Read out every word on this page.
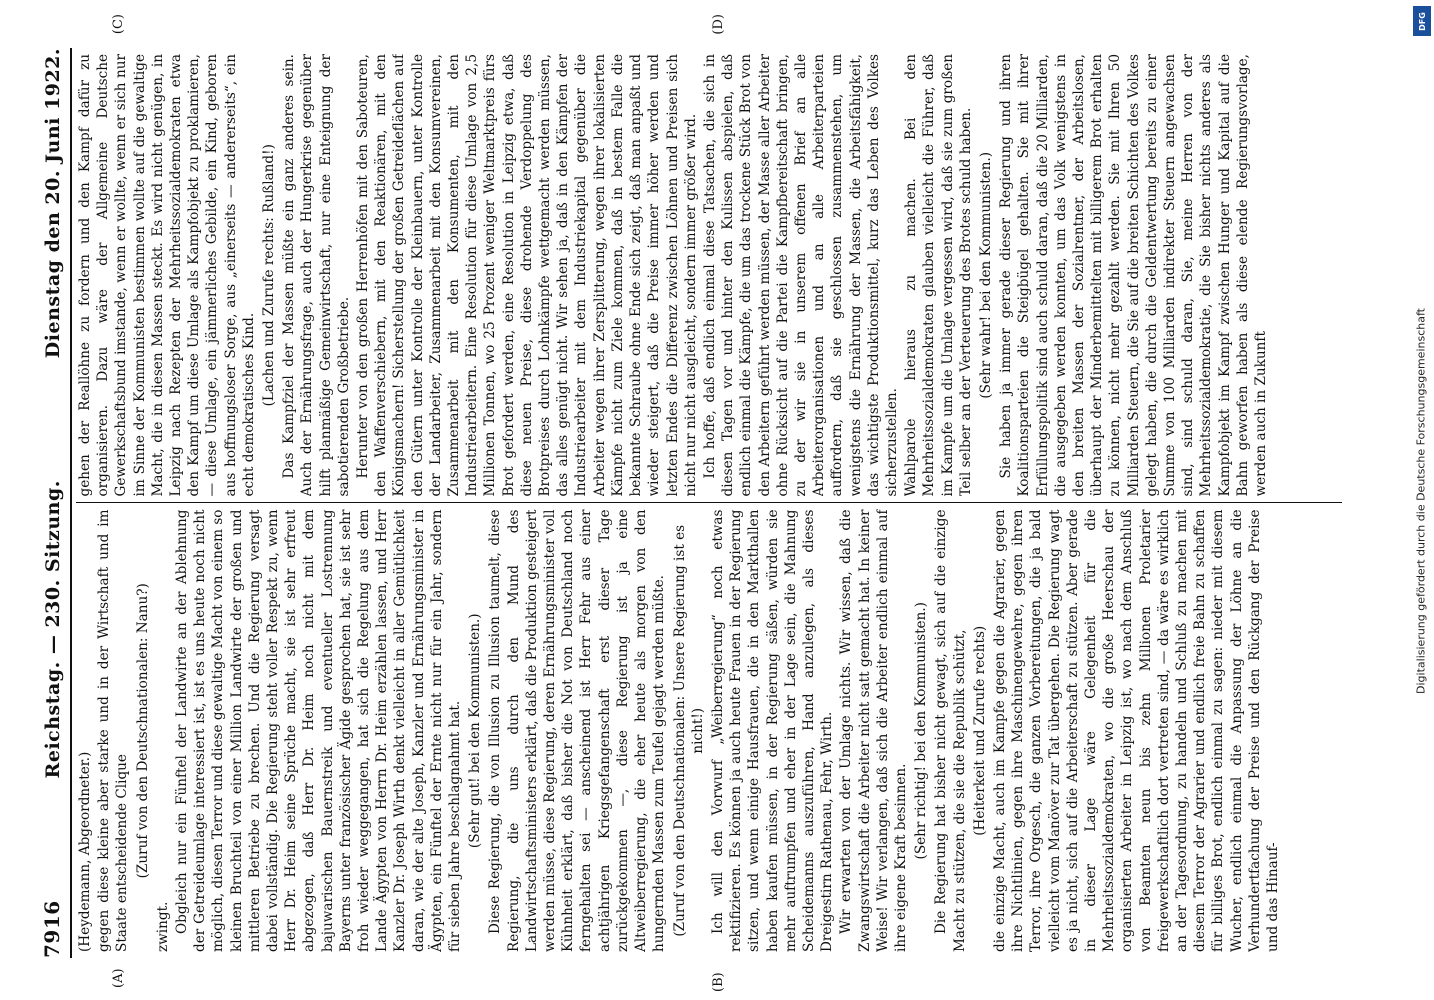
7916
Reichstag. — 230. Sitzung.
Dienstag den 20. Juni 1922.
(A)	(B)

(Heydemann, Abgeordneter.) gegen diese kleine aber starke und in der Wirtschaft und im Staate entscheidende Clique (Zuruf von den Deutschnationalen: Nanu?)

zwingt. Obgleich nur ein Fünftel der Landwirte an der Ablehnung der Getreideumlage interessiert ist, ist es uns heute noch nicht möglich, diesen Terror und diese gewaltige Macht von einem so kleinen Bruchteil von einer Million Landwirte der großen und mittleren Betriebe zu brechen. Und die Regierung versagt dabei vollständig. Die Regierung steht voller Respekt zu, wenn Herr Dr. Heim seine Sprüche macht, sie ist sehr erfreut abgezogen, daß Herr Dr. Heim noch nicht mit dem bajuwarischen Bauernstreik und eventueller Lostrennung Bayerns unter französischer Ägide gesprochen hat, sie ist sehr froh wieder weggegangen, hat sich die Regelung aus dem Lande Ägypten von Herrn Dr. Heim erzählen lassen, und Herr Kanzler Dr. Joseph Wirth denkt vielleicht in aller Gemütlichkeit daran, wie der alte Joseph, Kanzler und Ernährungsminister in Ägypten, ein Fünftel der Ernte nicht nur für ein Jahr, sondern für sieben Jahre beschlagnahmt hat. (Sehr gut! bei den Kommunisten.) Diese Regierung, die von Illusion zu Illusion taumelt, diese Regierung, die uns durch den Mund des Landwirtschaftsministers erklärt, daß die Produktion gesteigert werden müsse, diese Regierung, deren Ernährungsminister voll Kühnheit erklärt, daß bisher die Not von Deutschland noch ferngehalten sei — anscheinend ist Herr Fehr aus einer achtjährigen Kriegsgefangenschaft erst dieser Tage zurückgekommen —, diese Regierung ist ja eine Altweiberregierung, die eher heute als morgen von den hungernden Massen zum Teufel gejagt werden müßte. (Zuruf von den Deutschnationalen: Unsere Regierung ist es nicht!) Ich will den Vorwurf „Weiberregierung“ noch etwas rektifizieren. Es können ja auch heute Frauen in der Regierung sitzen, und wenn einige Hausfrauen, die in den Markthallen haben kaufen müssen, in der Regierung säßen, würden sie mehr auftrumpfen und eher in der Lage sein, die Mahnung Scheidemanns auszuführen, Hand anzulegen, als dieses Dreigestirn Rathenau, Fehr, Wirth. Wir erwarten von der Umlage nichts. Wir wissen, daß die Zwangswirtschaft die Arbeiter nicht satt gemacht hat. In keiner Weise! Wir verlangen, daß sich die Arbeiter endlich einmal auf ihre eigene Kraft besinnen. (Sehr richtig! bei den Kommunisten.) Die Regierung hat bisher nicht gewagt, sich auf die einzige Macht zu stützen, die sie die Republik schützt, (Heiterkeit und Zurufe rechts) die einzige Macht, auch im Kampfe gegen die Agrarier, gegen ihre Nichtlinien, gegen ihre Maschinengewehre, gegen ihren Terror, ihre Orgesch, die ganzen Vorbereitungen, die ja bald vielleicht vom Manöver zur Tat übergehen. Die Regierung wagt es ja nicht, sich auf die Arbeiterschaft zu stützen. Aber gerade in dieser Lage wäre Gelegenheit für die Mehrheitssozialdemokraten, wo die große Heerschau der organisierten Arbeiter in Leipzig ist, wo nach dem Anschluß von Beamten neun bis zehn Millionen Proletarier freigewerkschaftlich dort vertreten sind, — da wäre es wirklich an der Tagesordnung, zu handeln und Schluß zu machen mit diesem Terror der Agrarier und endlich freie Bahn zu schaffen für billiges Brot, endlich einmal zu sagen: nieder mit diesem Wucher, endlich einmal die Anpassung der Löhne an die Verhundertfachung der Preise und den Rückgang der Preise und das Hinauf-

(C)	(D)

gehen der Reallöhne zu fordern und den Kampf dafür zu organisieren. Dazu wäre der Allgemeine Deutsche Gewerkschaftsbund imstande, wenn er wollte, wenn er sich nur im Sinne der Kommunisten bestimmen wollte auf die gewaltige Macht, die in diesen Massen steckt. Es wird nicht genügen, in Leipzig nach Rezepten der Mehrheitssozialdemokraten etwa den Kampf um diese Umlage als Kampfobjekt zu proklamieren, — diese Umlage, ein jämmerliches Gebilde, ein Kind, geboren aus hoffnungsloser Sorge, aus „einerseits — andererseits“, ein echt demokratisches Kind. (Lachen und Zurufe rechts: Rußland!) Das Kampfziel der Massen müßte ein ganz anderes sein. Auch der Ernährungsfrage, auch der Hungerkrise gegenüber hilft planmäßige Gemeinwirtschaft, nur eine Enteignung der sabotierenden Großbetriebe. Herunter von den großen Herrenhöfen mit den Saboteuren, den Waffenverschiebern, mit den Reaktionären, mit den Königsmachern! Sicherstellung der großen Getreideflächen auf den Gütern unter Kontrolle der Kleinbauern, unter Kontrolle der Landarbeiter, Zusammenarbeit mit den Konsumvereinen, Zusammenarbeit mit den Konsumenten, mit den Industriearbeitern. Eine Resolution für diese Umlage von 2,5 Millionen Tonnen, wo 25 Prozent weniger Weltmarktpreis fürs Brot gefordert werden, eine Resolution in Leipzig etwa, daß diese neuen Preise, diese drohende Verdoppelung des Brotpreises durch Lohnkämpfe wettgemacht werden müssen, das alles genügt nicht. Wir sehen ja, daß in den Kämpfen der Industriearbeiter mit dem Industriekapital gegenüber die Arbeiter wegen ihrer Zersplitterung, wegen ihrer lokalisierten Kämpfe nicht zum Ziele kommen, daß in bestem Falle die bekannte Schraube ohne Ende sich zeigt, daß man anpaßt und wieder steigert, daß die Preise immer höher werden und letzten Endes die Differenz zwischen Löhnen und Preisen sich nicht nur nicht ausgleicht, sondern immer größer wird. Ich hoffe, daß endlich einmal diese Tatsachen, die sich in diesen Tagen vor und hinter den Kulissen abspielen, daß endlich einmal die Kämpfe, die um das trockene Stück Brot von den Arbeitern geführt werden müssen, der Masse aller Arbeiter ohne Rücksicht auf die Partei die Kampfbereitschaft bringen, zu der wir sie in unserem offenen Brief an alle Arbeiterorganisationen und an alle Arbeiterparteien auffordern, daß sie geschlossen zusammenstehen, um wenigstens die Ernährung der Massen, die Arbeitsfähigkeit, das wichtigste Produktionsmittel, kurz das Leben des Volkes sicherzustellen. Wahlparole hieraus zu machen. Bei den Mehrheitssozialdemokraten glauben vielleicht die Führer, daß im Kampfe um die Umlage vergessen wird, daß sie zum großen Teil selber an der Verteuerung des Brotes schuld haben. (Sehr wahr! bei den Kommunisten.) Sie haben ja immer gerade dieser Regierung und ihren Koalitionsparteien die Steigbügel gehalten. Sie mit ihrer Erfüllungspolitik sind auch schuld daran, daß die 20 Milliarden, die ausgegeben werden konnten, um das Volk wenigstens in den breiten Massen der Sozialrentner, der Arbeitslosen, überhaupt der Minderbemittelten mit billigerem Brot erhalten zu können, nicht mehr gezahlt werden. Sie mit Ihren 50 Milliarden Steuern, die Sie auf die breiten Schichten des Volkes gelegt haben, die durch die Geldentwertung bereits zu einer Summe von 100 Milliarden indirekter Steuern angewachsen sind, sind schuld daran, Sie, meine Herren von der Mehrheitssozialdemokratie, die Sie bisher nichts anderes als Kampfobjekt im Kampf zwischen Hunger und Kapital auf die Bahn geworfen haben als diese elende Regierungsvorlage, werden auch in Zukunft	Digitalisierung gefördert durch die Deutsche Forschungsgemeinschaft
DFG
